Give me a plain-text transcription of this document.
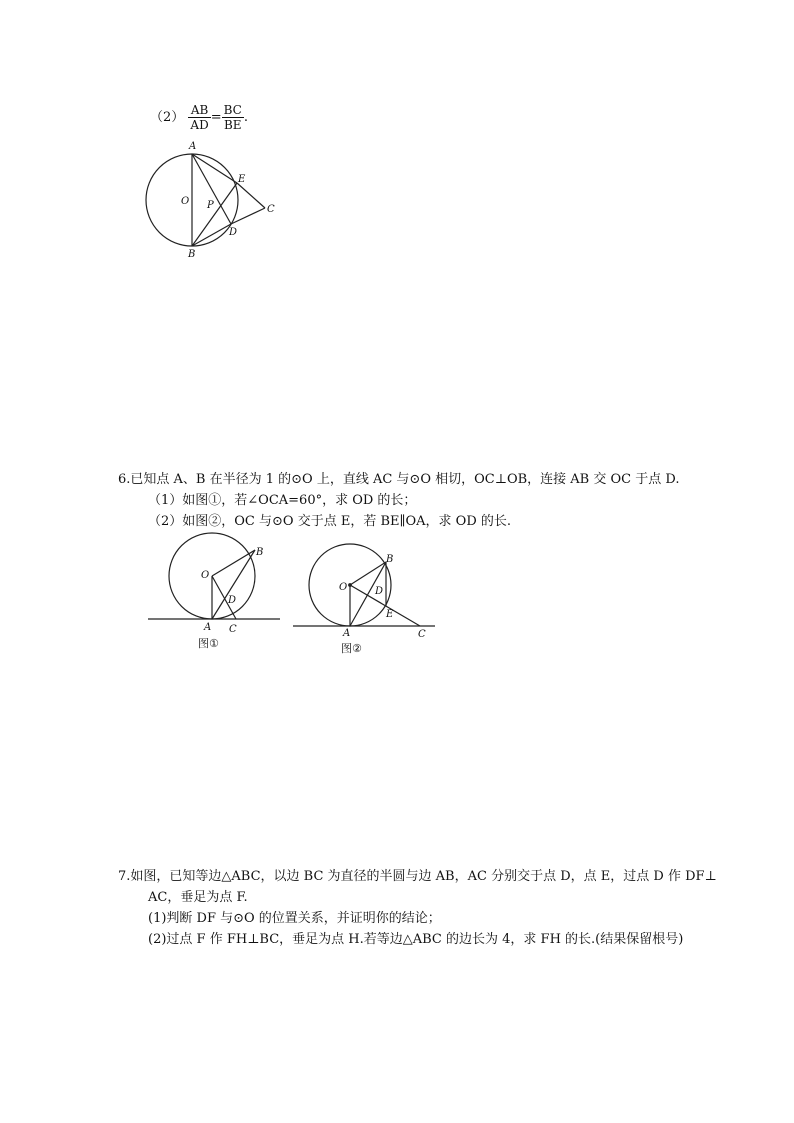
$(2) \frac{AB}{AD} = \frac{BC}{BE}$ .
A
B
C
D
E
O P
6.已知点 A、B 在半径为 1 的⊙O 上，直线 AC 与⊙O 相切，OC⊥OB，连接 AB 交 OC 于点 D.
（1）如图①，若∠OCA=60°，求 OD 的长；
（2）如图②，OC 与⊙O 交于点 E，若 BE∥OA，求 OD 的长.
O
B
D
A C
图①
O
B
D
E
A	C
图②
7.如图，已知等边△ABC，以边 BC 为直径的半圆与边 AB，AC 分别交于点 D，点 E，过点 D 作 DF⊥
AC，垂足为点 F.
(1)判断 DF 与⊙O 的位置关系，并证明你的结论；
(2)过点 F 作 FH⊥BC，垂足为点 H.若等边△ABC 的边长为 4，求 FH 的长.(结果保留根号)
